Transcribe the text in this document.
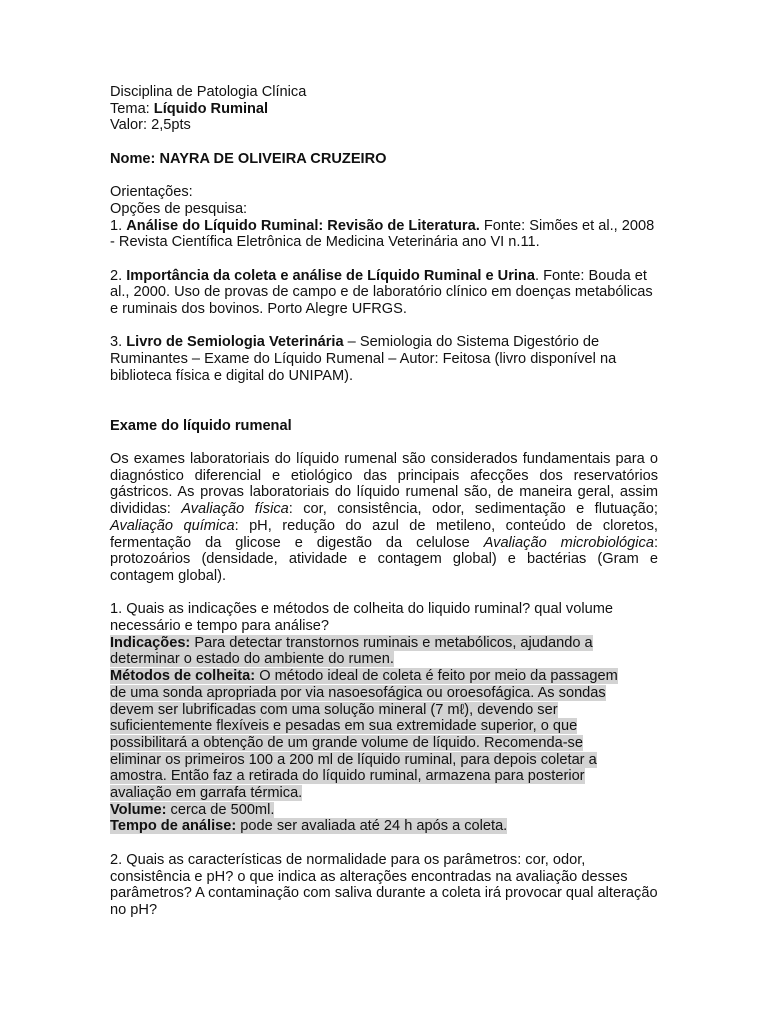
Disciplina de Patologia Clínica

Tema: Líquido Ruminal

Valor: 2,5pts

Nome: NAYRA DE OLIVEIRA CRUZEIRO

Orientações:

Opções de pesquisa:

1. Análise do Líquido Ruminal: Revisão de Literatura. Fonte: Simões et al., 2008 - Revista Científica Eletrônica de Medicina Veterinária ano VI n.11.

2. Importância da coleta e análise de Líquido Ruminal e Urina. Fonte: Bouda et al., 2000. Uso de provas de campo e de laboratório clínico em doenças metabólicas e ruminais dos bovinos. Porto Alegre UFRGS.

3. Livro de Semiologia Veterinária – Semiologia do Sistema Digestório de Ruminantes – Exame do Líquido Rumenal – Autor: Feitosa (livro disponível na biblioteca física e digital do UNIPAM).

Exame do líquido rumenal

Os exames laboratoriais do líquido rumenal são considerados fundamentais para o diagnóstico diferencial e etiológico das principais afecções dos reservatórios gástricos. As provas laboratoriais do líquido rumenal são, de maneira geral, assim divididas: Avaliação física: cor, consistência, odor, sedimentação e flutuação; Avaliação química: pH, redução do azul de metileno, conteúdo de cloretos, fermentação da glicose e digestão da celulose Avaliação microbiológica: protozoários (densidade, atividade e contagem global) e bactérias (Gram e contagem global).

1. Quais as indicações e métodos de colheita do liquido ruminal? qual volume necessário e tempo para análise?

Indicações: Para detectar transtornos ruminais e metabólicos, ajudando a determinar o estado do ambiente do rumen.

Métodos de colheita: O método ideal de coleta é feito por meio da passagem
de uma sonda apropriada por via nasoesofágica ou oroesofágica. As sondas
devem ser lubrificadas com uma solução mineral (7 mℓ), devendo ser
suficientemente flexíveis e pesadas em sua extremidade superior, o que
possibilitará a obtenção de um grande volume de líquido. Recomenda-se
eliminar os primeiros 100 a 200 ml de líquido ruminal, para depois coletar a
amostra. Então faz a retirada do líquido ruminal, armazena para posterior
avaliação em garrafa térmica.

Volume: cerca de 500ml.

Tempo de análise: pode ser avaliada até 24 h após a coleta.

2. Quais as características de normalidade para os parâmetros: cor, odor, consistência e pH? o que indica as alterações encontradas na avaliação desses parâmetros? A contaminação com saliva durante a coleta irá provocar qual alteração no pH?
